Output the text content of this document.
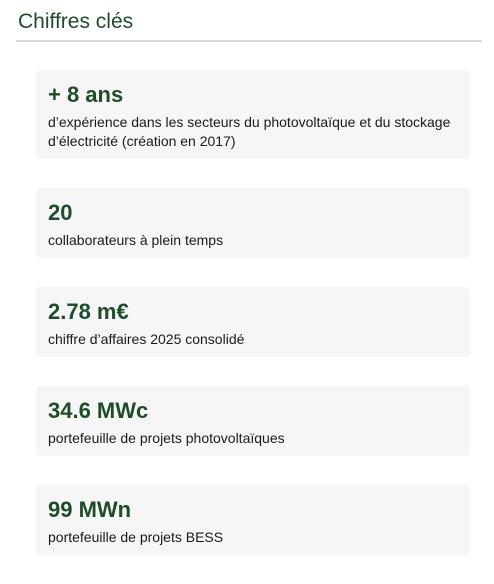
Chiffres clés
+ 8 ans
d’expérience dans les secteurs du photovoltaïque et du stockage d’électricité (création en 2017)
20
collaborateurs à plein temps
2.78 m€
chiffre d’affaires 2025 consolidé
34.6 MWc
portefeuille de projets photovoltaïques
99 MWn
portefeuille de projets BESS
